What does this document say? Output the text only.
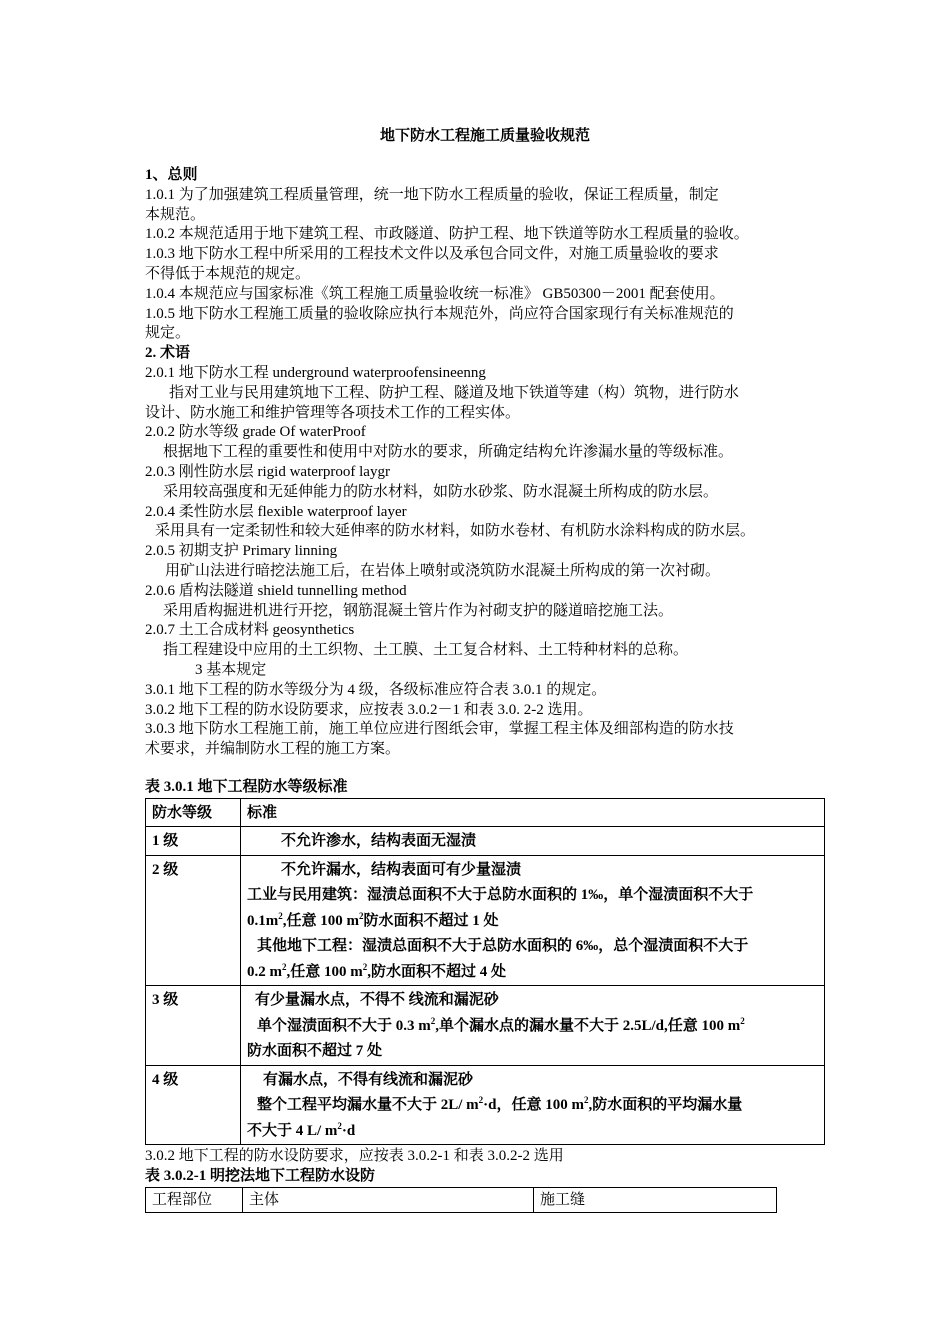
地下防水工程施工质量验收规范
1、总则
1.0.1 为了加强建筑工程质量管理，统一地下防水工程质量的验收，保证工程质量，制定
本规范。
1.0.2 本规范适用于地下建筑工程、市政隧道、防护工程、地下铁道等防水工程质量的验收。
1.0.3 地下防水工程中所采用的工程技术文件以及承包合同文件，对施工质量验收的要求
不得低于本规范的规定。
1.0.4 本规范应与国家标准《筑工程施工质量验收统一标准》 GB50300－2001 配套使用。
1.0.5 地下防水工程施工质量的验收除应执行本规范外，尚应符合国家现行有关标准规范的
规定。
2. 术语
2.0.1 地下防水工程 underground waterproofensineenng
指对工业与民用建筑地下工程、防护工程、隧道及地下铁道等建（构）筑物，进行防水
设计、防水施工和维护管理等各项技术工作的工程实体。
2.0.2 防水等级 grade Of waterProof
根据地下工程的重要性和使用中对防水的要求，所确定结构允许渗漏水量的等级标准。
2.0.3 刚性防水层 rigid waterproof laygr
采用较高强度和无延伸能力的防水材料，如防水砂浆、防水混凝土所构成的防水层。
2.0.4 柔性防水层 flexible waterproof layer
采用具有一定柔韧性和较大延伸率的防水材料，如防水卷材、有机防水涂料构成的防水层。
2.0.5 初期支护 Primary linning
用矿山法进行暗挖法施工后，在岩体上喷射或浇筑防水混凝土所构成的第一次衬砌。
2.0.6 盾构法隧道 shield tunnelling method
采用盾构掘进机进行开挖，钢筋混凝土管片作为衬砌支护的隧道暗挖施工法。
2.0.7 土工合成材料 geosynthetics
指工程建设中应用的土工织物、土工膜、土工复合材料、土工特种材料的总称。
3 基本规定
3.0.1 地下工程的防水等级分为 4 级，各级标准应符合表 3.0.1 的规定。
3.0.2 地下工程的防水设防要求，应按表 3.0.2－1 和表 3.0. 2-2 选用。
3.0.3 地下防水工程施工前，施工单位应进行图纸会审，掌握工程主体及细部构造的防水技
术要求，并编制防水工程的施工方案。
表 3.0.1 地下工程防水等级标准
防水等级	标准
1 级	不允许渗水，结构表面无湿渍

2 级	不允许漏水，结构表面可有少量湿渍
工业与民用建筑：湿渍总面积不大于总防水面积的 1‰，单个湿渍面积不大于
$0.1m^2$,任意 100 $m^2$防水面积不超过 1 处
其他地下工程：湿渍总面积不大于总防水面积的 6‰，总个湿渍面积不大于
0.2 $m^2$,任意 100 $m^2$,防水面积不超过 4 处

3 级	有少量漏水点，不得不 线流和漏泥砂
单个湿渍面积不大于 0.3 $m^2$,单个漏水点的漏水量不大于 2.5L/d,任意 100 $m^2$
防水面积不超过 7 处

4 级	有漏水点，不得有线流和漏泥砂
整个工程平均漏水量不大于 2L/ $m^2\cdot d$，任意 100 $m^2$,防水面积的平均漏水量
不大于 4 L/ $m^2\cdot d$
3.0.2 地下工程的防水设防要求，应按表 3.0.2-1 和表 3.0.2-2 选用
表 3.0.2-1 明挖法地下工程防水设防
工程部位	主体	施工缝
